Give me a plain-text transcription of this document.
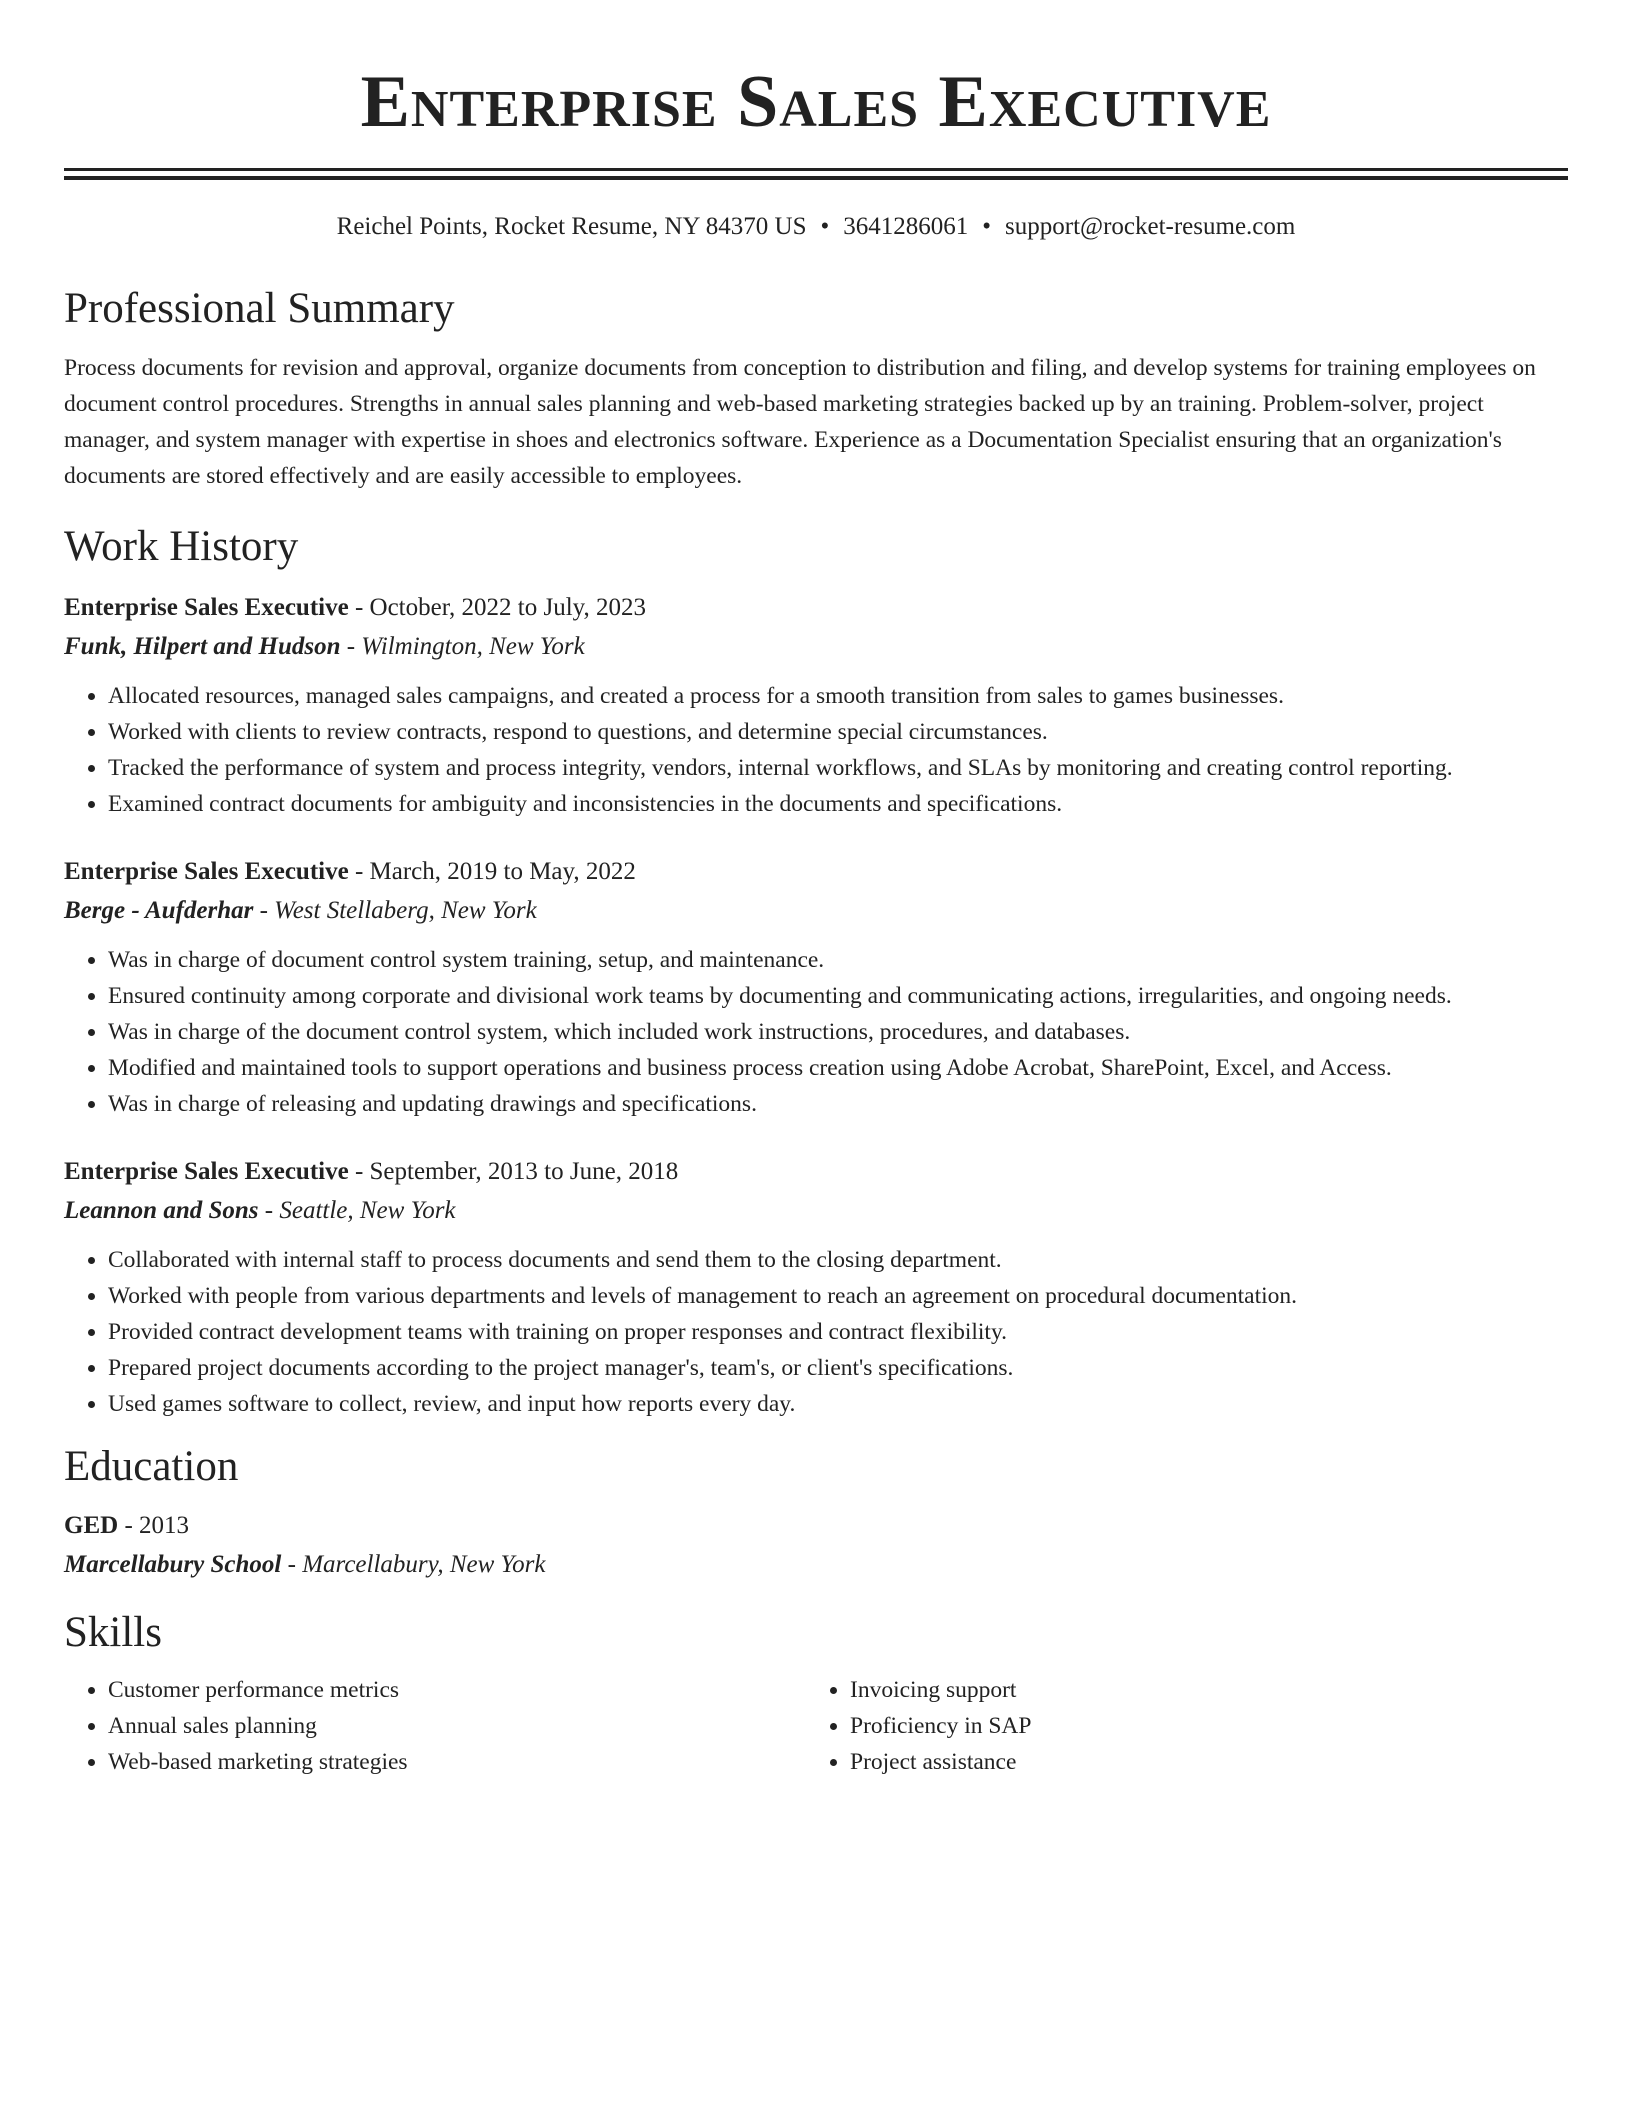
Enterprise Sales Executive
Reichel Points, Rocket Resume, NY 84370 US • 3641286061 • support@rocket-resume.com
Professional Summary
Process documents for revision and approval, organize documents from conception to distribution and filing, and develop systems for training employees on document control procedures. Strengths in annual sales planning and web-based marketing strategies backed up by an training. Problem-solver, project manager, and system manager with expertise in shoes and electronics software. Experience as a Documentation Specialist ensuring that an organization's documents are stored effectively and are easily accessible to employees.
Work History
Enterprise Sales Executive - October, 2022 to July, 2023
Funk, Hilpert and Hudson - Wilmington, New York
• Allocated resources, managed sales campaigns, and created a process for a smooth transition from sales to games businesses.
• Worked with clients to review contracts, respond to questions, and determine special circumstances.
• Tracked the performance of system and process integrity, vendors, internal workflows, and SLAs by monitoring and creating control reporting.
• Examined contract documents for ambiguity and inconsistencies in the documents and specifications.
Enterprise Sales Executive - March, 2019 to May, 2022
Berge - Aufderhar - West Stellaberg, New York
• Was in charge of document control system training, setup, and maintenance.
• Ensured continuity among corporate and divisional work teams by documenting and communicating actions, irregularities, and ongoing needs.
• Was in charge of the document control system, which included work instructions, procedures, and databases.
• Modified and maintained tools to support operations and business process creation using Adobe Acrobat, SharePoint, Excel, and Access.
• Was in charge of releasing and updating drawings and specifications.
Enterprise Sales Executive - September, 2013 to June, 2018
Leannon and Sons - Seattle, New York
• Collaborated with internal staff to process documents and send them to the closing department.
• Worked with people from various departments and levels of management to reach an agreement on procedural documentation.
• Provided contract development teams with training on proper responses and contract flexibility.
• Prepared project documents according to the project manager's, team's, or client's specifications.
• Used games software to collect, review, and input how reports every day.
Education
GED - 2013
Marcellabury School - Marcellabury, New York
Skills
• Customer performance metrics
• Annual sales planning
• Web-based marketing strategies
• Invoicing support
• Proficiency in SAP
• Project assistance
